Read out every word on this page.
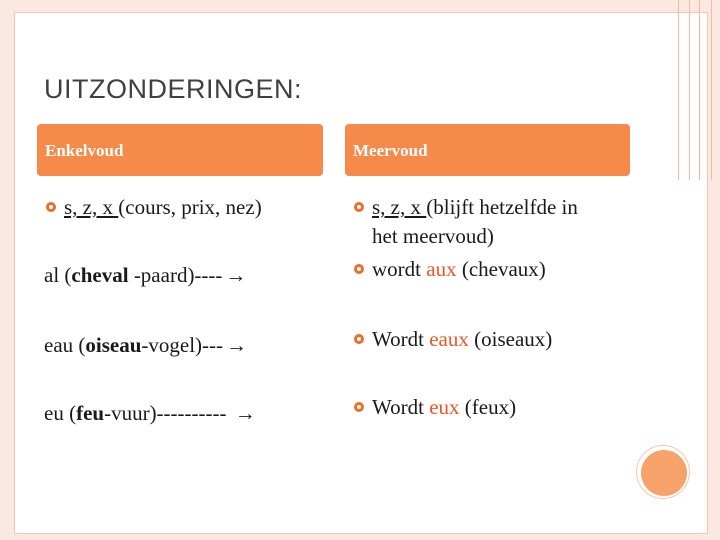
UITZONDERINGEN:
Enkelvoud	Meervoud
s, z, x (cours, prix, nez)
al (cheval -paard)---- →
eau (oiseau-vogel)--- →
eu (feu-vuur)---------- →
s, z, x (blijft hetzelfde in
het meervoud)
wordt aux (chevaux)
Wordt eaux (oiseaux)
Wordt eux (feux)
